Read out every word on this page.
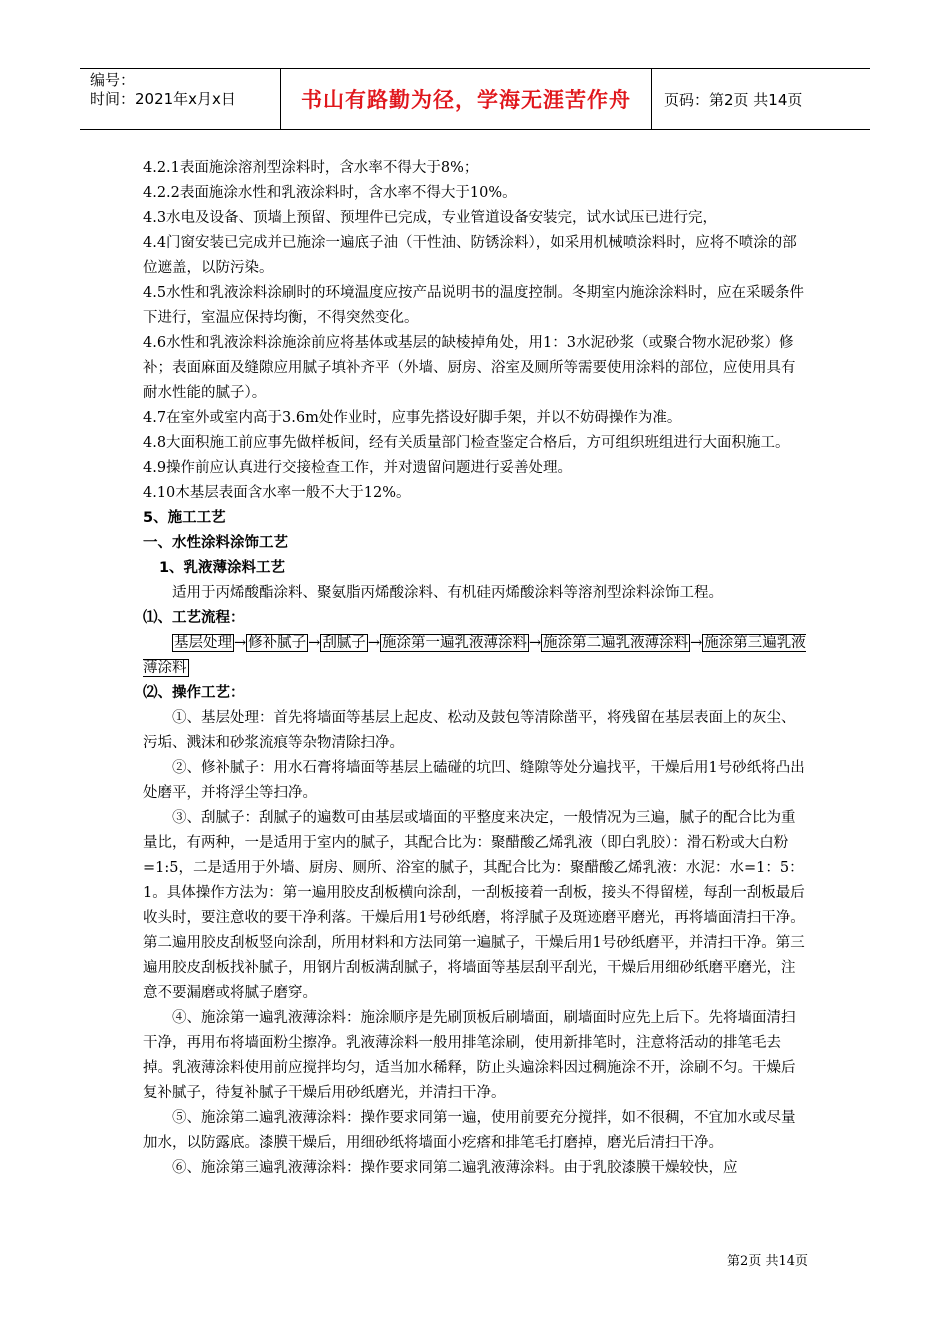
编号：
时间：2021年x月x日	书山有路勤为径，学海无涯苦作舟	页码：第2页 共14页

4.2.1表面施涂溶剂型涂料时，含水率不得大于8%；

4.2.2表面施涂水性和乳液涂料时，含水率不得大于10%。

4.3水电及设备、顶墙上预留、预埋件已完成，专业管道设备安装完，试水试压已进行完，

4.4门窗安装已完成并已施涂一遍底子油（干性油、防锈涂料），如采用机械喷涂料时，应将不喷涂的部位遮盖，以防污染。

4.5水性和乳液涂料涂刷时的环境温度应按产品说明书的温度控制。冬期室内施涂涂料时，应在采暖条件下进行，室温应保持均衡，不得突然变化。

4.6水性和乳液涂料涂施涂前应将基体或基层的缺棱掉角处，用1：3水泥砂浆（或聚合物水泥砂浆）修补；表面麻面及缝隙应用腻子填补齐平（外墙、厨房、浴室及厕所等需要使用涂料的部位，应使用具有耐水性能的腻子）。

4.7在室外或室内高于3.6m处作业时，应事先搭设好脚手架，并以不妨碍操作为准。

4.8大面积施工前应事先做样板间，经有关质量部门检查鉴定合格后，方可组织班组进行大面积施工。

4.9操作前应认真进行交接检查工作，并对遗留问题进行妥善处理。

4.10木基层表面含水率一般不大于12%。

5、施工工艺

一、水性涂料涂饰工艺

1、乳液薄涂料工艺

适用于丙烯酸酯涂料、聚氨脂丙烯酸涂料、有机硅丙烯酸涂料等溶剂型涂料涂饰工程。

⑴、工艺流程：

基层处理 → 修补腻子 → 刮腻子 → 施涂第一遍乳液薄涂料 → 施涂第二遍乳液薄涂料 → 施涂第三遍乳液薄涂料

⑵、操作工艺：

①、基层处理：首先将墙面等基层上起皮、松动及鼓包等清除凿平，将残留在基层表面上的灰尘、污垢、溅沫和砂浆流痕等杂物清除扫净。

②、修补腻子：用水石膏将墙面等基层上磕碰的坑凹、缝隙等处分遍找平，干燥后用1号砂纸将凸出处磨平，并将浮尘等扫净。

③、刮腻子：刮腻子的遍数可由基层或墙面的平整度来决定，一般情况为三遍，腻子的配合比为重量比，有两种，一是适用于室内的腻子，其配合比为：聚醋酸乙烯乳液（即白乳胶）：滑石粉或大白粉=1:5，二是适用于外墙、厨房、厕所、浴室的腻子，其配合比为：聚醋酸乙烯乳液：水泥：水=1：5：1。具体操作方法为：第一遍用胶皮刮板横向涂刮，一刮板接着一刮板，接头不得留槎，每刮一刮板最后收头时，要注意收的要干净利落。干燥后用1号砂纸磨，将浮腻子及斑迹磨平磨光，再将墙面清扫干净。第二遍用胶皮刮板竖向涂刮，所用材料和方法同第一遍腻子，干燥后用1号砂纸磨平，并清扫干净。第三遍用胶皮刮板找补腻子，用钢片刮板满刮腻子，将墙面等基层刮平刮光，干燥后用细砂纸磨平磨光，注意不要漏磨或将腻子磨穿。

④、施涂第一遍乳液薄涂料：施涂顺序是先刷顶板后刷墙面，刷墙面时应先上后下。先将墙面清扫干净，再用布将墙面粉尘擦净。乳液薄涂料一般用排笔涂刷，使用新排笔时，注意将活动的排笔毛去掉。乳液薄涂料使用前应搅拌均匀，适当加水稀释，防止头遍涂料因过稠施涂不开，涂刷不匀。干燥后复补腻子，待复补腻子干燥后用砂纸磨光，并清扫干净。

⑤、施涂第二遍乳液薄涂料：操作要求同第一遍，使用前要充分搅拌，如不很稠，不宜加水或尽量加水，以防露底。漆膜干燥后，用细砂纸将墙面小疙瘩和排笔毛打磨掉，磨光后清扫干净。

⑥、施涂第三遍乳液薄涂料：操作要求同第二遍乳液薄涂料。由于乳胶漆膜干燥较快，应

第2页 共14页
